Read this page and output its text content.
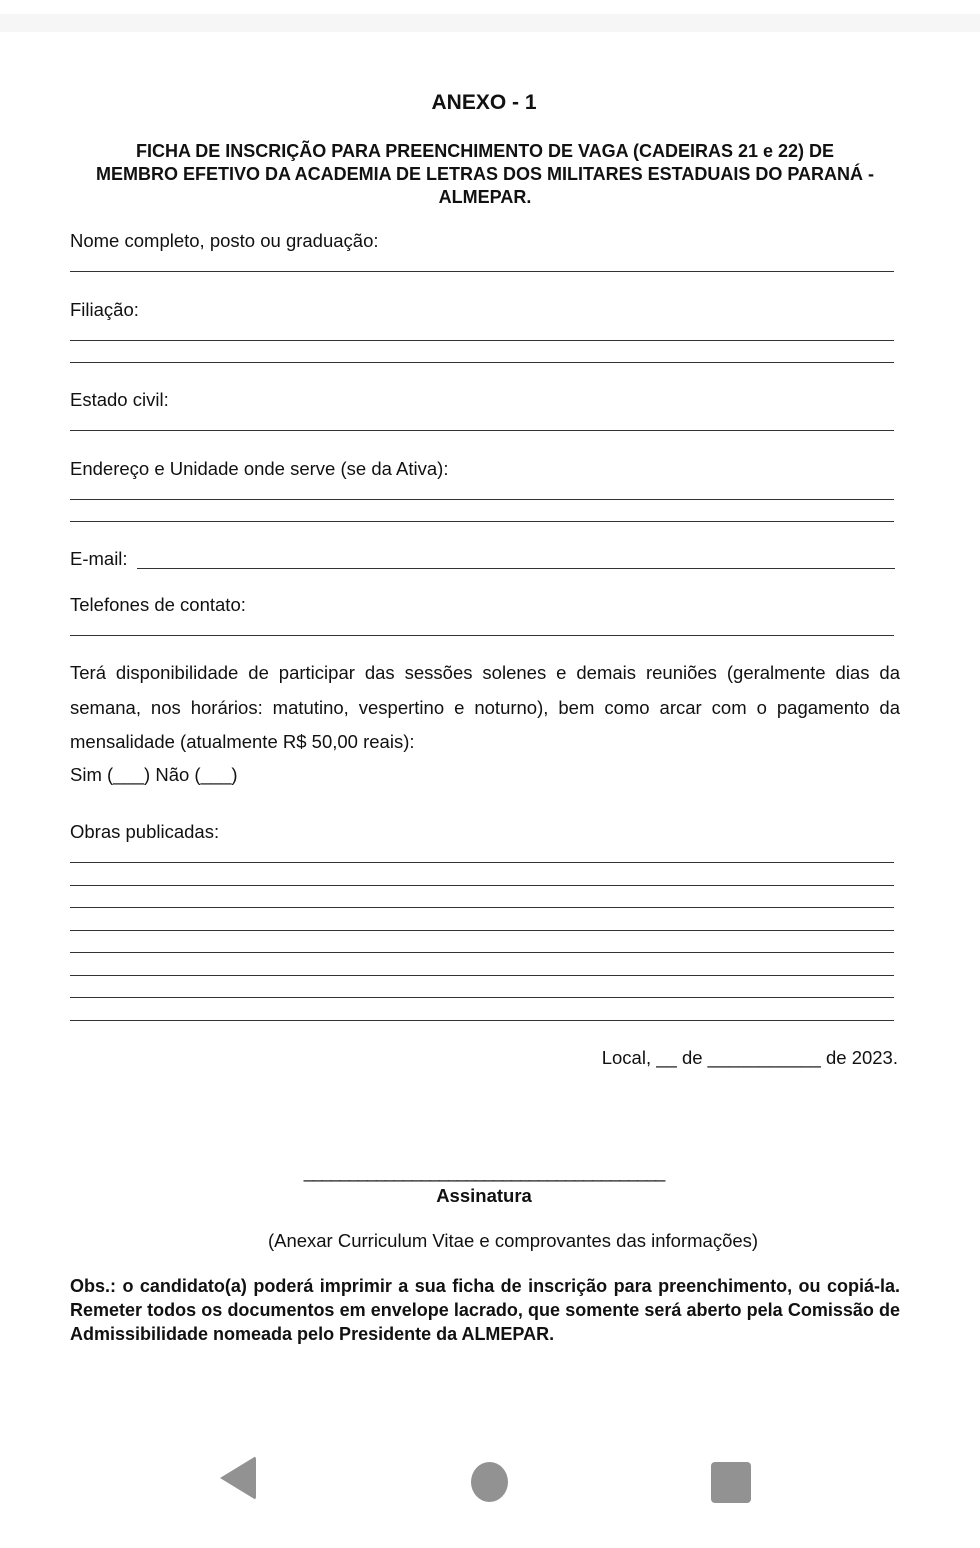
ANEXO - 1
FICHA DE INSCRIÇÃO PARA PREENCHIMENTO DE VAGA (CADEIRAS 21 e 22) DE MEMBRO EFETIVO DA ACADEMIA DE LETRAS DOS MILITARES ESTADUAIS DO PARANÁ - ALMEPAR.
Nome completo, posto ou graduação:
Filiação:
Estado civil:
Endereço e Unidade onde serve (se da Ativa):
E-mail:
Telefones de contato:
Terá disponibilidade de participar das sessões solenes e demais reuniões (geralmente dias da semana, nos horários: matutino, vespertino e noturno), bem como arcar com o pagamento da mensalidade (atualmente R$ 50,00 reais):
Sim (___) Não (___)
Obras publicadas:
Local, __ de ___________ de 2023.
________________________________________
Assinatura
(Anexar Curriculum Vitae e comprovantes das informações)
Obs.: o candidato(a) poderá imprimir a sua ficha de inscrição para preenchimento, ou copiá-la. Remeter todos os documentos em envelope lacrado, que somente será aberto pela Comissão de Admissibilidade nomeada pelo Presidente da ALMEPAR.
